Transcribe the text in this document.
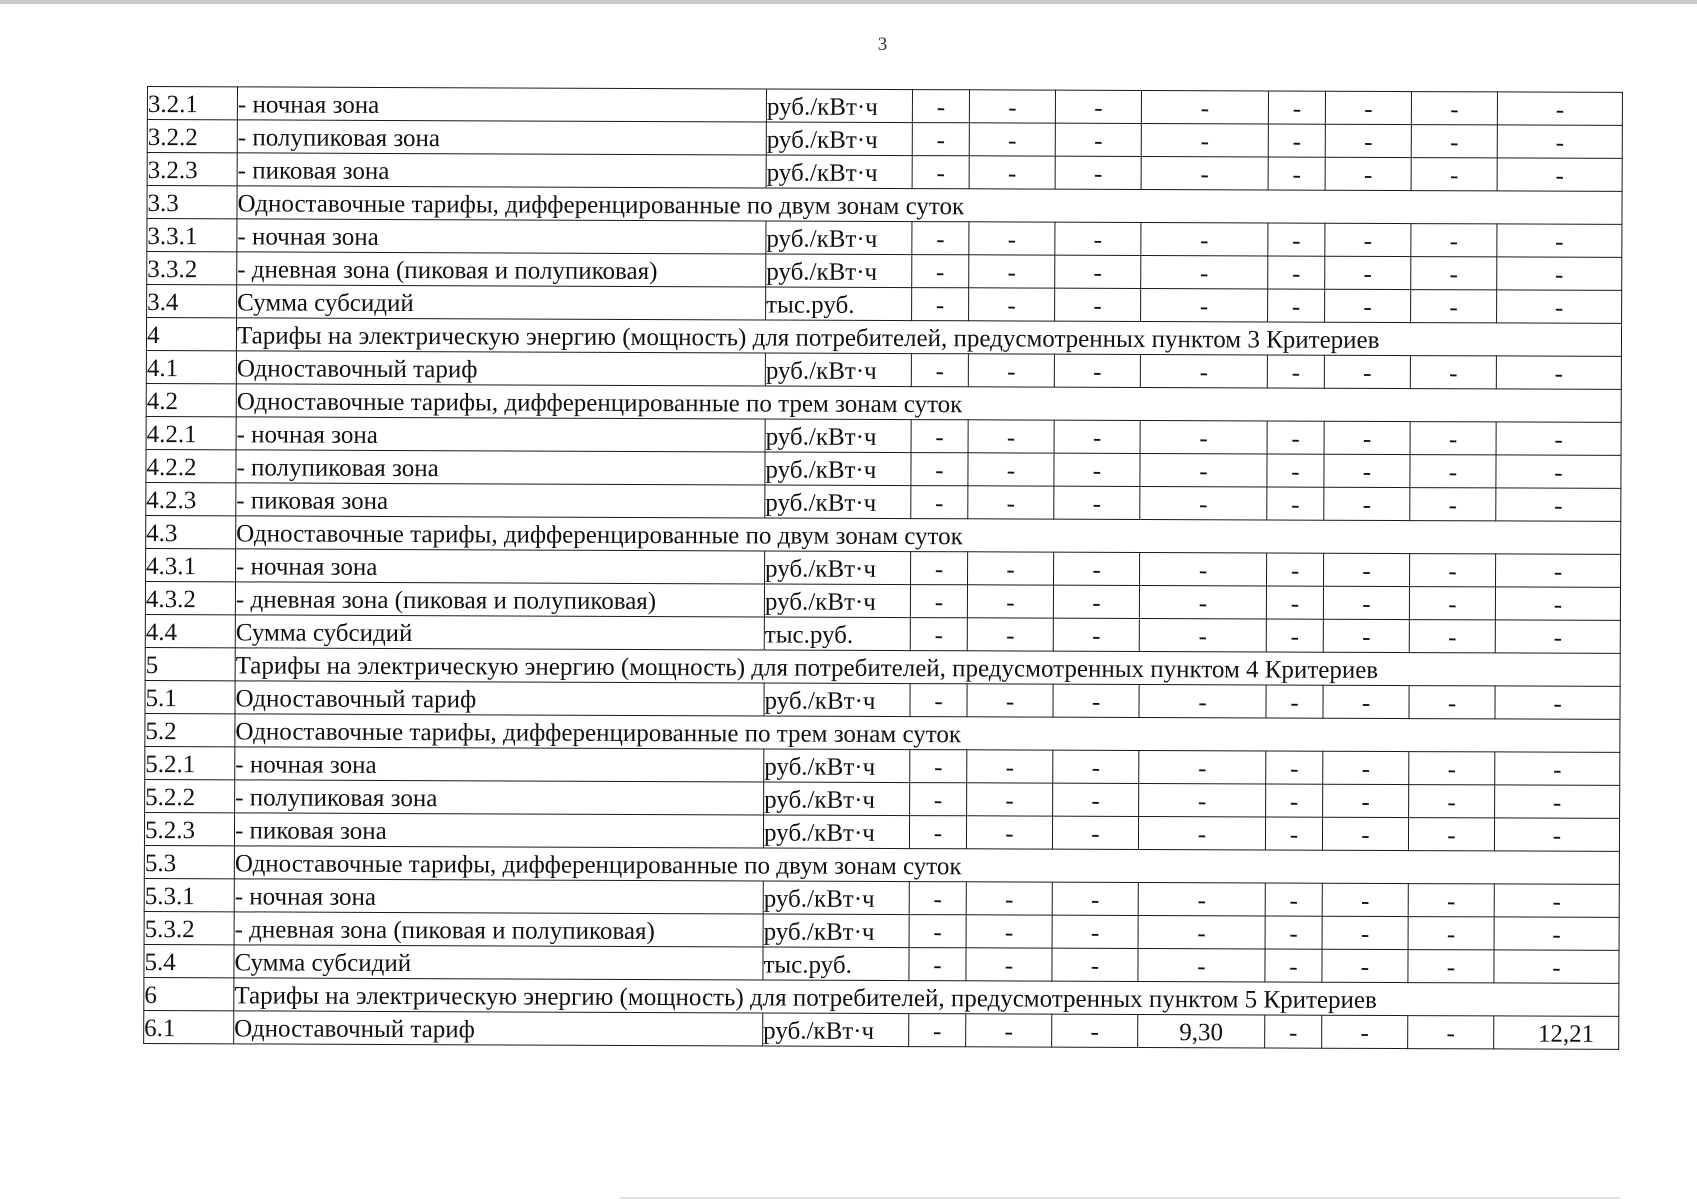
3
3.2.1	- ночная зона	руб./кВт·ч	-	-	-	-	-	-	-	-
3.2.2	- полупиковая зона	руб./кВт·ч	-	-	-	-	-	-	-	-
3.2.3	- пиковая зона	руб./кВт·ч	-	-	-	-	-	-	-	-
3.3	Одноставочные тарифы, дифференцированные по двум зонам суток									
3.3.1	- ночная зона	руб./кВт·ч	-	-	-	-	-	-	-	-
3.3.2	- дневная зона (пиковая и полупиковая)	руб./кВт·ч	-	-	-	-	-	-	-	-
3.4	Сумма субсидий	тыс.руб.	-	-	-	-	-	-	-	-
4	Тарифы на электрическую энергию (мощность) для потребителей, предусмотренных пунктом 3 Критериев									
4.1	Одноставочный тариф	руб./кВт·ч	-	-	-	-	-	-	-	-
4.2	Одноставочные тарифы, дифференцированные по трем зонам суток									
4.2.1	- ночная зона	руб./кВт·ч	-	-	-	-	-	-	-	-
4.2.2	- полупиковая зона	руб./кВт·ч	-	-	-	-	-	-	-	-
4.2.3	- пиковая зона	руб./кВт·ч	-	-	-	-	-	-	-	-
4.3	Одноставочные тарифы, дифференцированные по двум зонам суток									
4.3.1	- ночная зона	руб./кВт·ч	-	-	-	-	-	-	-	-
4.3.2	- дневная зона (пиковая и полупиковая)	руб./кВт·ч	-	-	-	-	-	-	-	-
4.4	Сумма субсидий	тыс.руб.	-	-	-	-	-	-	-	-
5	Тарифы на электрическую энергию (мощность) для потребителей, предусмотренных пунктом 4 Критериев									
5.1	Одноставочный тариф	руб./кВт·ч	-	-	-	-	-	-	-	-
5.2	Одноставочные тарифы, дифференцированные по трем зонам суток									
5.2.1	- ночная зона	руб./кВт·ч	-	-	-	-	-	-	-	-
5.2.2	- полупиковая зона	руб./кВт·ч	-	-	-	-	-	-	-	-
5.2.3	- пиковая зона	руб./кВт·ч	-	-	-	-	-	-	-	-
5.3	Одноставочные тарифы, дифференцированные по двум зонам суток									
5.3.1	- ночная зона	руб./кВт·ч	-	-	-	-	-	-	-	-
5.3.2	- дневная зона (пиковая и полупиковая)	руб./кВт·ч	-	-	-	-	-	-	-	-
5.4	Сумма субсидий	тыс.руб.	-	-	-	-	-	-	-	-
6	Тарифы на электрическую энергию (мощность) для потребителей, предусмотренных пунктом 5 Критериев									
6.1	Одноставочный тариф	руб./кВт·ч	-	-	-	9,30	-	-	-	12,21
